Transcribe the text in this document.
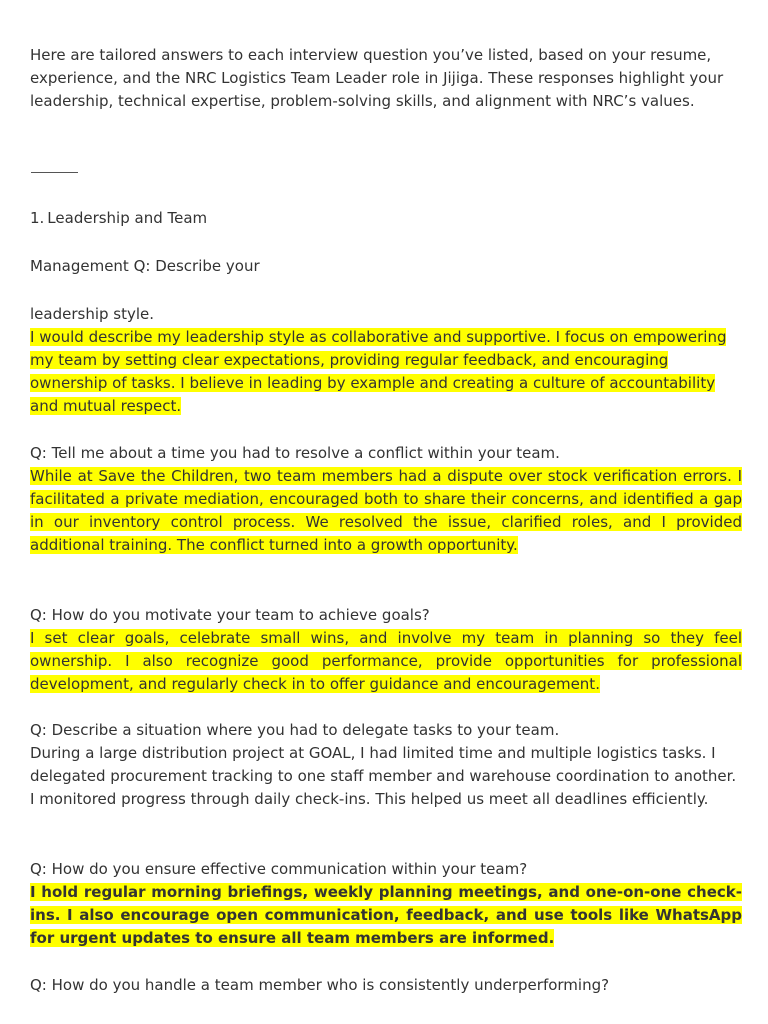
Here are tailored answers to each interview question you’ve listed, based on your resume, experience, and the NRC Logistics Team Leader role in Jijiga. These responses highlight your leadership, technical expertise, problem-solving skills, and alignment with NRC’s values.

1. Leadership and Team

Management Q: Describe your

leadership style.

I would describe my leadership style as collaborative and supportive. I focus on empowering my team by setting clear expectations, providing regular feedback, and encouraging ownership of tasks. I believe in leading by example and creating a culture of accountability and mutual respect.

Q: Tell me about a time you had to resolve a conflict within your team.

While at Save the Children, two team members had a dispute over stock verification errors. I facilitated a private mediation, encouraged both to share their concerns, and identified a gap in our inventory control process. We resolved the issue, clarified roles, and I provided additional training. The conflict turned into a growth opportunity.

Q: How do you motivate your team to achieve goals?

I set clear goals, celebrate small wins, and involve my team in planning so they feel ownership. I also recognize good performance, provide opportunities for professional development, and regularly check in to offer guidance and encouragement.

Q: Describe a situation where you had to delegate tasks to your team.

During a large distribution project at GOAL, I had limited time and multiple logistics tasks. I delegated procurement tracking to one staff member and warehouse coordination to another. I monitored progress through daily check-ins. This helped us meet all deadlines efficiently.

Q: How do you ensure effective communication within your team?

I hold regular morning briefings, weekly planning meetings, and one-on-one check-ins. I also encourage open communication, feedback, and use tools like WhatsApp for urgent updates to ensure all team members are informed.

Q: How do you handle a team member who is consistently underperforming?
